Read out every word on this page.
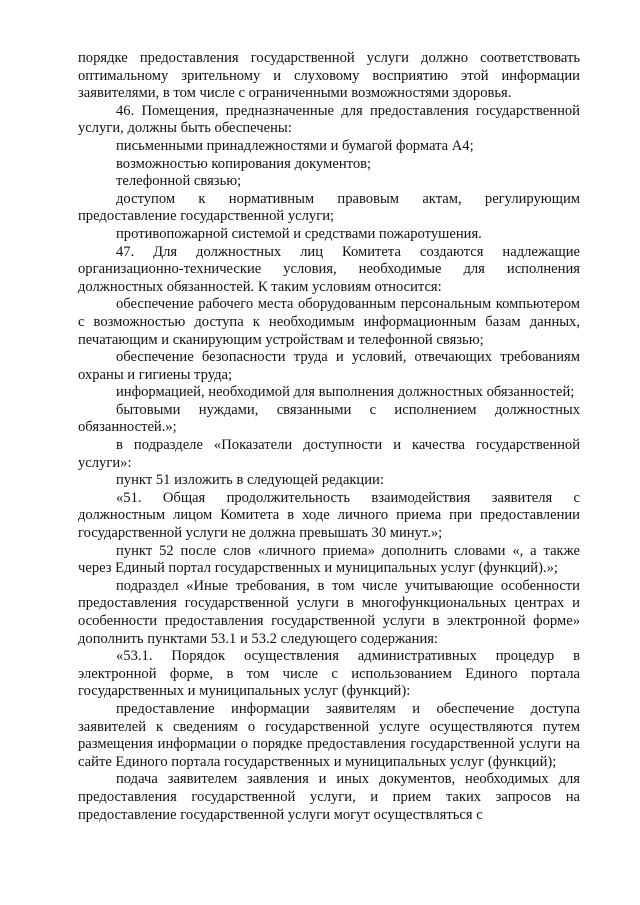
порядке предоставления государственной услуги должно соответствовать оптимальному зрительному и слуховому восприятию этой информации заявителями, в том числе с ограниченными возможностями здоровья.

46. Помещения, предназначенные для предоставления государственной услуги, должны быть обеспечены:

письменными принадлежностями и бумагой формата А4;

возможностью копирования документов;

телефонной связью;

доступом к нормативным правовым актам, регулирующим предоставление государственной услуги;

противопожарной системой и средствами пожаротушения.

47. Для должностных лиц Комитета создаются надлежащие организационно-технические условия, необходимые для исполнения должностных обязанностей. К таким условиям относится:

обеспечение рабочего места оборудованным персональным компьютером с возможностью доступа к необходимым информационным базам данных, печатающим и сканирующим устройствам и телефонной связью;

обеспечение безопасности труда и условий, отвечающих требованиям охраны и гигиены труда;

информацией, необходимой для выполнения должностных обязанностей;

бытовыми нуждами, связанными с исполнением должностных обязанностей.»;

в подразделе «Показатели доступности и качества государственной услуги»:

пункт 51 изложить в следующей редакции:

«51. Общая продолжительность взаимодействия заявителя с должностным лицом Комитета в ходе личного приема при предоставлении государственной услуги не должна превышать 30 минут.»;

пункт 52 после слов «личного приема» дополнить словами «, а также через Единый портал государственных и муниципальных услуг (функций).»;

подраздел «Иные требования, в том числе учитывающие особенности предоставления государственной услуги в многофункциональных центрах и особенности предоставления государственной услуги в электронной форме» дополнить пунктами 53.1 и 53.2 следующего содержания:

«53.1. Порядок осуществления административных процедур в электронной форме, в том числе с использованием Единого портала государственных и муниципальных услуг (функций):

предоставление информации заявителям и обеспечение доступа заявителей к сведениям о государственной услуге осуществляются путем размещения информации о порядке предоставления государственной услуги на сайте Единого портала государственных и муниципальных услуг (функций);

подача заявителем заявления и иных документов, необходимых для предоставления государственной услуги, и прием таких запросов на предоставление государственной услуги могут осуществляться с
